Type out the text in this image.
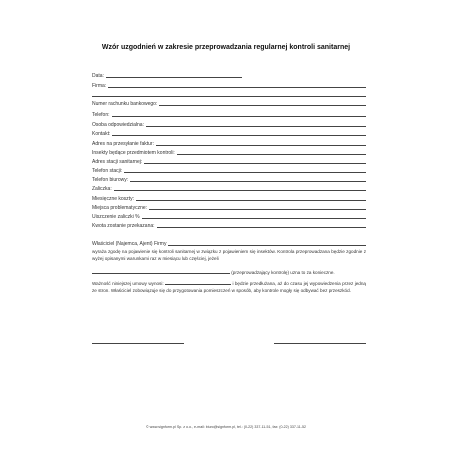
Wzór uzgodnień w zakresie przeprowadzania regularnej kontroli sanitarnej
Data:
Firma:
Numer rachunku bankowego:
Telefon:
Osoba odpowiedzialna:
Kontakt:
Adres na przesyłanie faktur:
Insekty będące przedmiotem kontroli:
Adres stacji sanitarnej:
Telefon stacji:
Telefon biurowy:
Zaliczka:
Miesięczne koszty:
Miejsca problematyczne:
Uiszczenie zaliczki %
Kwota zostanie przekazana:
Właściciel (Najemca, Ajent) Firmy
wyraża zgodę na pojawienie się kontroli sanitarnej w związku z pojawieniem się insektów. Kontrola przeprowadzana będzie zgodnie z wyżej opisanymi warunkami raz w miesiącu lub częściej, jeżeli
(przeprowadzający kontrolę) uzna to za konieczne.
Ważność niniejszej umowy wynosi:	i będzie przedłużana, aż do czasu jej wypowiedzenia przez jedną ze stron. Właściciel zobowiązuje się do przygotowania pomieszczeń w sposób, aby kontrole mogły się odbywać bez przeszkód.
© www.signform.pl Sp. z o.o., e-mail: biuro@signform.pl, tel.: (0-22) 337-11-51, fax: (0-22) 337-11-52
